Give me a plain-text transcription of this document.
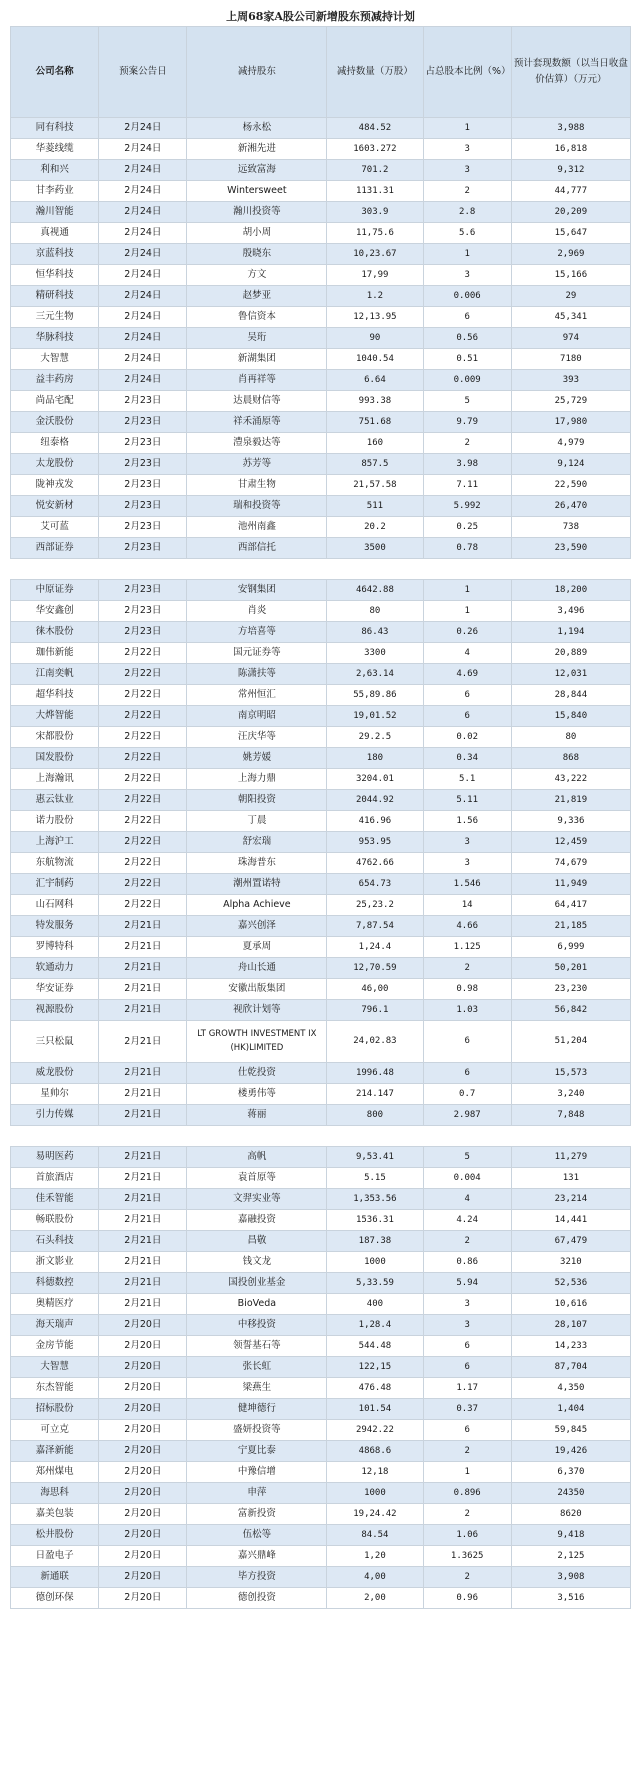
上周68家A股公司新增股东预减持计划
公司名称	预案公告日	减持股东	减持数量（万股）	占总股本比例（%）	预计套现数额（以当日收盘价估算）（万元）
同有科技	2月24日	杨永松	484.52	1	3,988
华菱线缆	2月24日	新湘先进	1603.272	3	16,818
利和兴	2月24日	远致富海	701.2	3	9,312
甘李药业	2月24日	Wintersweet	1131.31	2	44,777
瀚川智能	2月24日	瀚川投资等	303.9	2.8	20,209
真视通	2月24日	胡小周	11,75.6	5.6	15,647
京蓝科技	2月24日	殷晓东	10,23.67	1	2,969
恒华科技	2月24日	方文	17,99	3	15,166
精研科技	2月24日	赵梦亚	1.2	0.006	29
三元生物	2月24日	鲁信资本	12,13.95	6	45,341
华脉科技	2月24日	吴珩	90	0.56	974
大智慧	2月24日	新湖集团	1040.54	0.51	7180
益丰药房	2月24日	肖再祥等	6.64	0.009	393
尚品宅配	2月23日	达晨财信等	993.38	5	25,729
金沃股份	2月23日	祥禾涌原等	751.68	9.79	17,980
纽泰格	2月23日	澧泉毅达等	160	2	4,979
太龙股份	2月23日	苏芳等	857.5	3.98	9,124
陇神戎发	2月23日	甘肃生物	21,57.58	7.11	22,590
悦安新材	2月23日	瑞和投资等	511	5.992	26,470
艾可蓝	2月23日	池州南鑫	20.2	0.25	738
西部证券	2月23日	西部信托	3500	0.78	23,590

中原证券	2月23日	安钢集团	4642.88	1	18,200
华安鑫创	2月23日	肖炎	80	1	3,496
徕木股份	2月23日	方培喜等	86.43	0.26	1,194
珈伟新能	2月22日	国元证券等	3300	4	20,889
江南奕帆	2月22日	陈潇扶等	2,63.14	4.69	12,031
超华科技	2月22日	常州恒汇	55,89.86	6	28,844
大烨智能	2月22日	南京明昭	19,01.52	6	15,840
宋都股份	2月22日	汪庆华等	29.2.5	0.02	80
国发股份	2月22日	姚芳媛	180	0.34	868
上海瀚讯	2月22日	上海力鼎	3204.01	5.1	43,222
惠云钛业	2月22日	朝阳投资	2044.92	5.11	21,819
诺力股份	2月22日	丁晨	416.96	1.56	9,336
上海沪工	2月22日	舒宏瑞	953.95	3	12,459
东航物流	2月22日	珠海普东	4762.66	3	74,679
汇宇制药	2月22日	潮州置诺特	654.73	1.546	11,949
山石网科	2月22日	Alpha Achieve	25,23.2	14	64,417
特发服务	2月21日	嘉兴创泽	7,87.54	4.66	21,185
罗博特科	2月21日	夏承周	1,24.4	1.125	6,999
软通动力	2月21日	舟山长通	12,70.59	2	50,201
华安证券	2月21日	安徽出版集团	46,00	0.98	23,230
视源股份	2月21日	视欣计划等	796.1	1.03	56,842
三只松鼠	2月21日	LT GROWTH INVESTMENT IX (HK)LIMITED	24,02.83	6	51,204
威龙股份	2月21日	仕乾投资	1996.48	6	15,573
星帅尔	2月21日	楼勇伟等	214.147	0.7	3,240
引力传媒	2月21日	蒋丽	800	2.987	7,848

易明医药	2月21日	高帆	9,53.41	5	11,279
首旅酒店	2月21日	袁首原等	5.15	0.004	131
佳禾智能	2月21日	文羿实业等	1,353.56	4	23,214
畅联股份	2月21日	嘉融投资	1536.31	4.24	14,441
石头科技	2月21日	昌敬	187.38	2	67,479
浙文影业	2月21日	钱文龙	1000	0.86	3210
科德数控	2月21日	国投创业基金	5,33.59	5.94	52,536
奥精医疗	2月21日	BioVeda	400	3	10,616
海天瑞声	2月20日	中移投资	1,28.4	3	28,107
金房节能	2月20日	领誓基石等	544.48	6	14,233
大智慧	2月20日	张长虹	122,15	6	87,704
东杰智能	2月20日	梁燕生	476.48	1.17	4,350
招标股份	2月20日	健坤德行	101.54	0.37	1,404
可立克	2月20日	盛妍投资等	2942.22	6	59,845
嘉泽新能	2月20日	宁夏比泰	4868.6	2	19,426
郑州煤电	2月20日	中豫信增	12,18	1	6,370
海思科	2月20日	申萍	1000	0.896	24350
嘉美包装	2月20日	富新投资	19,24.42	2	8620
松井股份	2月20日	伍松等	84.54	1.06	9,418
日盈电子	2月20日	嘉兴鼎峰	1,20	1.3625	2,125
新通联	2月20日	毕方投资	4,00	2	3,908
德创环保	2月20日	德创投资	2,00	0.96	3,516
